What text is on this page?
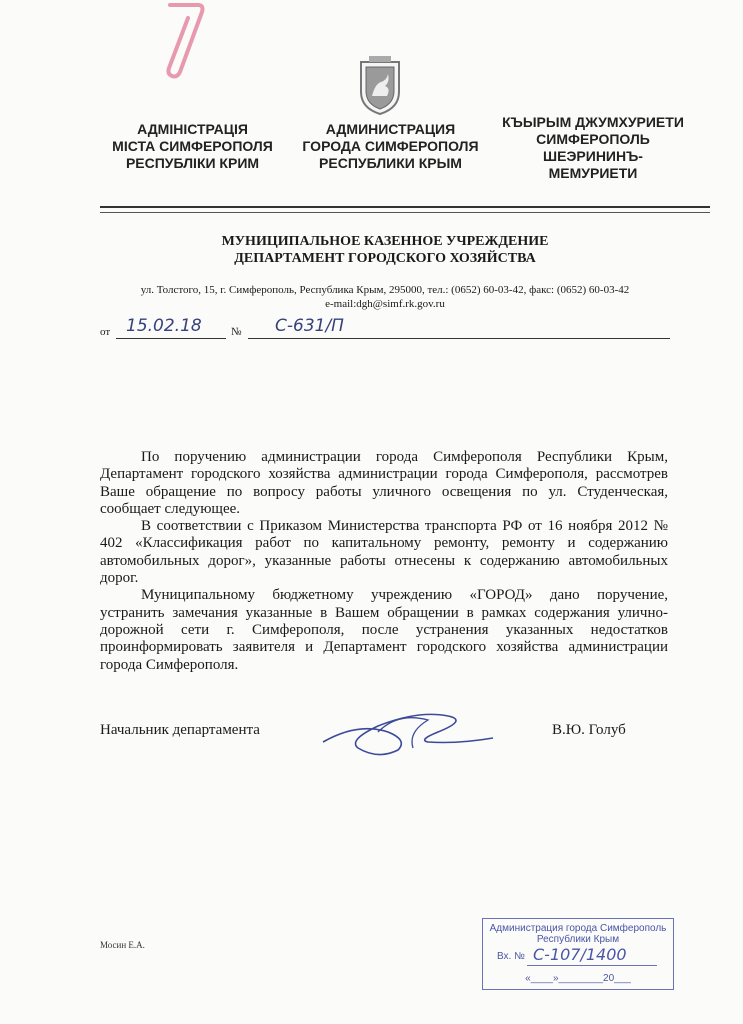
АДМІНІСТРАЦІЯ
МІСТА СИМФЕРОПОЛЯ
РЕСПУБЛІКИ КРИМ
АДМИНИСТРАЦИЯ
ГОРОДА СИМФЕРОПОЛЯ
РЕСПУБЛИКИ КРЫМ
КЪЫРЫМ ДЖУМХУРИЕТИ
СИМФЕРОПОЛЬ
ШЕЭРИНИНЪ-
МЕМУРИЕТИ
МУНИЦИПАЛЬНОЕ КАЗЕННОЕ УЧРЕЖДЕНИЕ
ДЕПАРТАМЕНТ ГОРОДСКОГО ХОЗЯЙСТВА
ул. Толстого, 15, г. Симферополь, Республика Крым, 295000, тел.: (0652) 60-03-42, факс: (0652) 60-03-42
e-mail:dgh@simf.rk.gov.ru
от 15.02.18	№ С-631/П

По поручению администрации города Симферополя Республики Крым, Департамент городского хозяйства администрации города Симферополя, рассмотрев Ваше обращение по вопросу работы уличного освещения по ул. Студенческая, сообщает следующее.

В соответствии с Приказом Министерства транспорта РФ от 16 ноября 2012 № 402 «Классификация работ по капитальному ремонту, ремонту и содержанию автомобильных дорог», указанные работы отнесены к содержанию автомобильных дорог.

Муниципальному бюджетному учреждению «ГОРОД» дано поручение, устранить замечания указанные в Вашем обращении в рамках содержания улично-дорожной сети г. Симферополя, после устранения указанных недостатков проинформировать заявителя и Департамент городского хозяйства администрации города Симферополя.

Начальник департамента	В.Ю. Голуб
Мосин Е.А.
Администрация города Симферополь
Республики Крым
Вх. № С-107/1400
«____»________20___
